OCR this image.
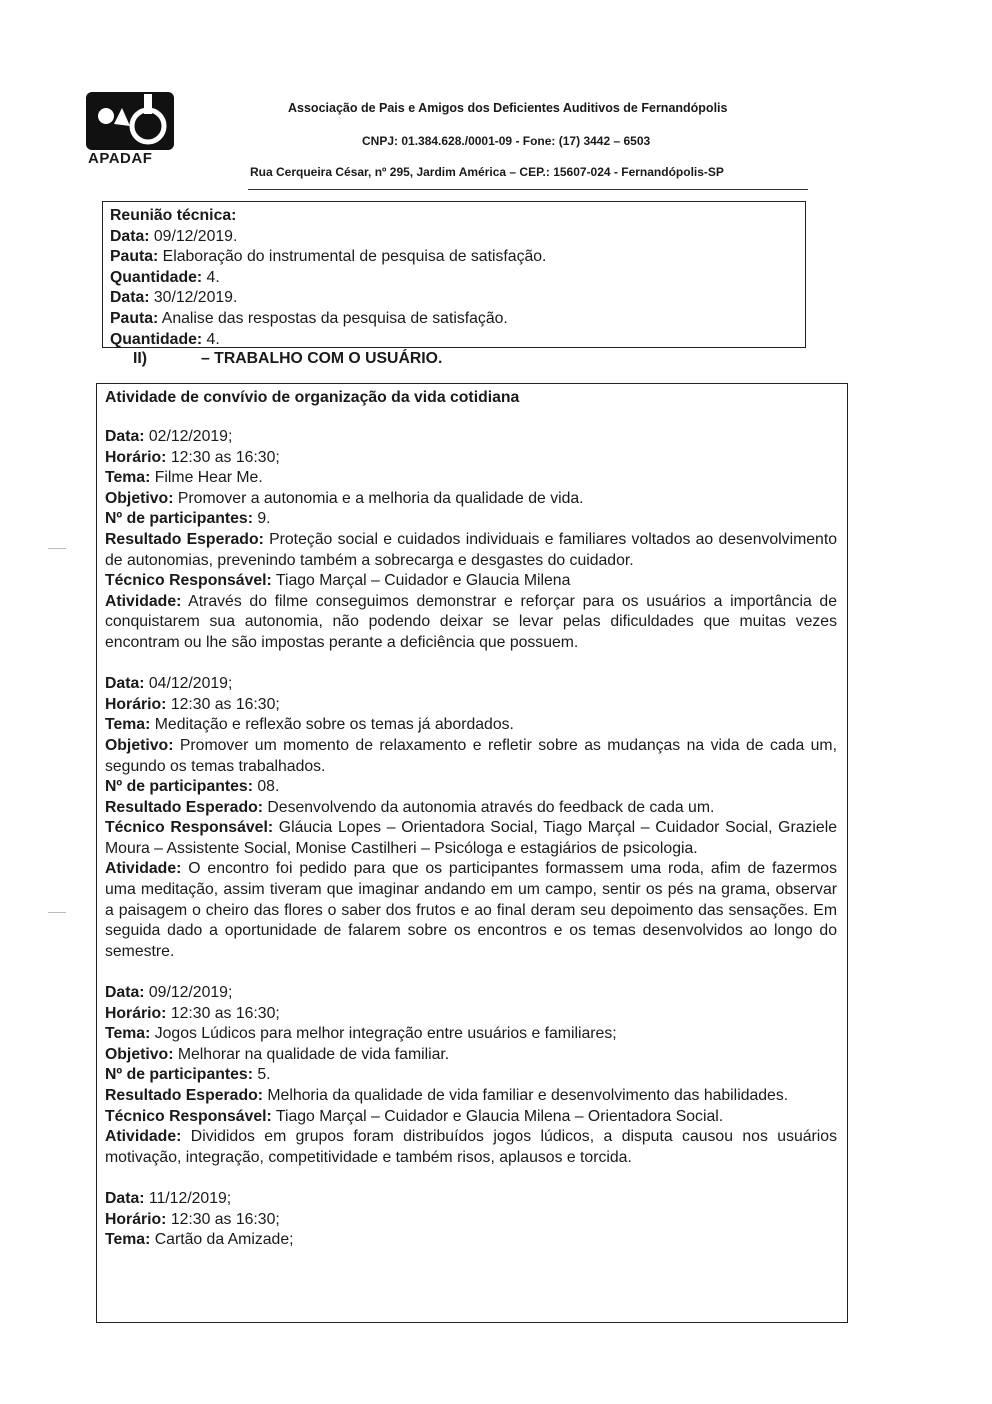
APADAF
Associação de Pais e Amigos dos Deficientes Auditivos de Fernandópolis
CNPJ: 01.384.628./0001-09 - Fone: (17) 3442 – 6503
Rua Cerqueira César, nº 295, Jardim América – CEP.: 15607-024 - Fernandópolis-SP
Reunião técnica:
Data: 09/12/2019.
Pauta: Elaboração do instrumental de pesquisa de satisfação.
Quantidade: 4.
Data: 30/12/2019.
Pauta: Analise das respostas da pesquisa de satisfação.
Quantidade: 4.
II)	– TRABALHO COM O USUÁRIO.
Atividade de convívio de organização da vida cotidiana
Data: 02/12/2019;
Horário: 12:30 as 16:30;
Tema: Filme Hear Me.
Objetivo: Promover a autonomia e a melhoria da qualidade de vida.
Nº de participantes: 9.
Resultado Esperado: Proteção social e cuidados individuais e familiares voltados ao desenvolvimento de autonomias, prevenindo também a sobrecarga e desgastes do cuidador.
Técnico Responsável: Tiago Marçal – Cuidador e Glaucia Milena
Atividade: Através do filme conseguimos demonstrar e reforçar para os usuários a importância de conquistarem sua autonomia, não podendo deixar se levar pelas dificuldades que muitas vezes encontram ou lhe são impostas perante a deficiência que possuem.
Data: 04/12/2019;
Horário: 12:30 as 16:30;
Tema: Meditação e reflexão sobre os temas já abordados.
Objetivo: Promover um momento de relaxamento e refletir sobre as mudanças na vida de cada um, segundo os temas trabalhados.
Nº de participantes: 08.
Resultado Esperado: Desenvolvendo da autonomia através do feedback de cada um.
Técnico Responsável: Gláucia Lopes – Orientadora Social, Tiago Marçal – Cuidador Social, Graziele Moura – Assistente Social, Monise Castilheri – Psicóloga e estagiários de psicologia.
Atividade: O encontro foi pedido para que os participantes formassem uma roda, afim de fazermos uma meditação, assim tiveram que imaginar andando em um campo, sentir os pés na grama, observar a paisagem o cheiro das flores o saber dos frutos e ao final deram seu depoimento das sensações. Em seguida dado a oportunidade de falarem sobre os encontros e os temas desenvolvidos ao longo do semestre.
Data: 09/12/2019;
Horário: 12:30 as 16:30;
Tema: Jogos Lúdicos para melhor integração entre usuários e familiares;
Objetivo: Melhorar na qualidade de vida familiar.
Nº de participantes: 5.
Resultado Esperado: Melhoria da qualidade de vida familiar e desenvolvimento das habilidades.
Técnico Responsável: Tiago Marçal – Cuidador e Glaucia Milena – Orientadora Social.
Atividade: Divididos em grupos foram distribuídos jogos lúdicos, a disputa causou nos usuários motivação, integração, competitividade e também risos, aplausos e torcida.
Data: 11/12/2019;
Horário: 12:30 as 16:30;
Tema: Cartão da Amizade;
